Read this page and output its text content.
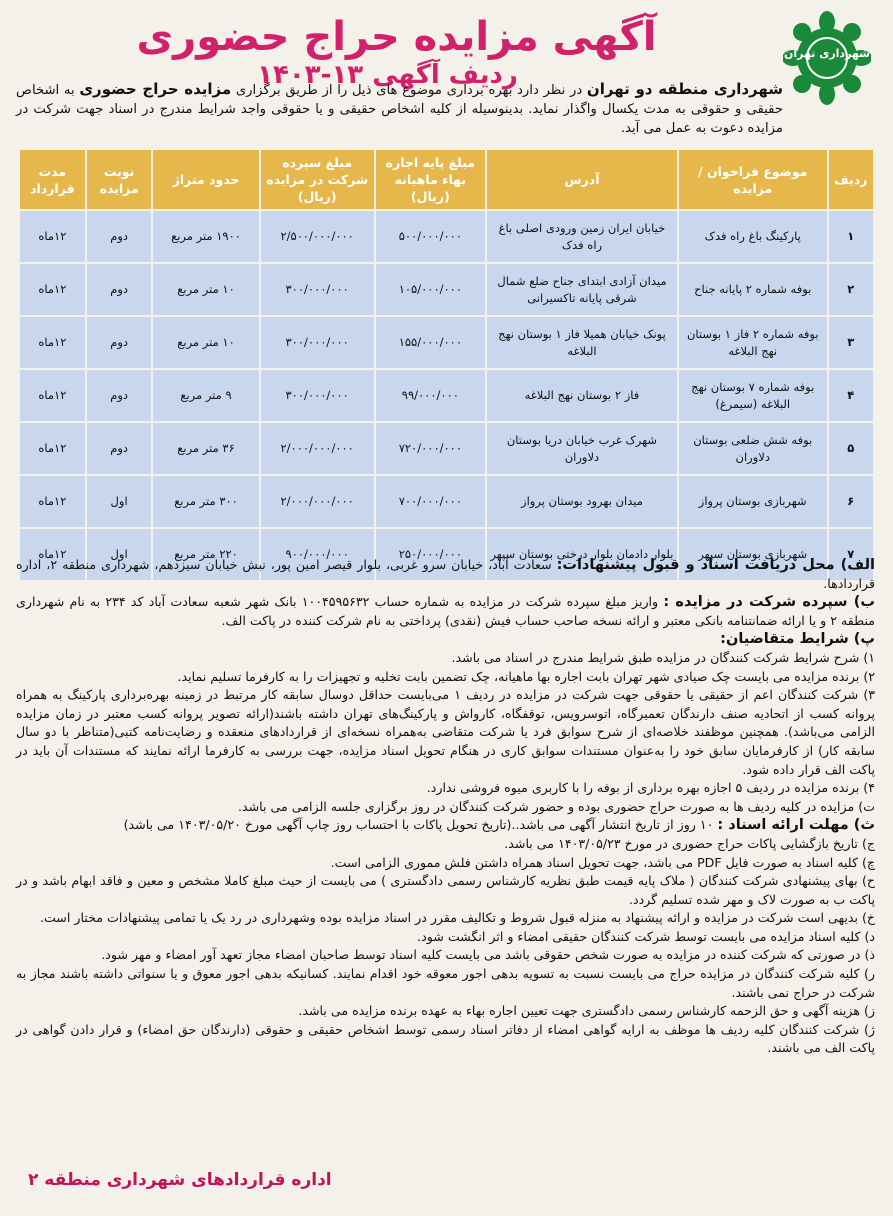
شهرداری تهران
آگهی مزایده حراج حضوری ردیف آگهی ۱۳-۱۴۰۳	شهرداری منطقه دو تهران در نظر دارد بهره برداری موضوع های ذیل را از طریق برگزاری مزایده حراج حضوری به اشخاص حقیقی و حقوقی به مدت یکسال واگذار نماید. بدینوسیله از کلیه اشخاص حقیقی و یا حقوقی واجد شرایط مندرج در اسناد جهت شرکت در مزایده دعوت به عمل می آید.
ردیف	موضوع فراخوان / مزایده	آدرس	مبلغ پایه اجاره بهاء ماهیانه (ریال)	مبلغ سپرده شرکت در مزایده (ریال)	حدود متراژ	نوبت مزایده	مدت قرارداد
۱	پارکینگ باغ راه فدک	خیابان ایران زمین ورودی اصلی باغ راه فدک	۵۰۰/۰۰۰/۰۰۰	۲/۵۰۰/۰۰۰/۰۰۰	۱۹۰۰ متر مربع	دوم	۱۲ماه
۲	بوفه شماره ۲ پایانه جناح	میدان آزادی ابتدای جناح ضلع شمال شرقی پایانه تاکسیرانی	۱۰۵/۰۰۰/۰۰۰	۳۰۰/۰۰۰/۰۰۰	۱۰ متر مربع	دوم	۱۲ماه
۳	بوفه شماره ۲ فاز ۱ بوستان نهج البلاغه	پونک خیابان همیلا فاز ۱ بوستان نهج البلاغه	۱۵۵/۰۰۰/۰۰۰	۳۰۰/۰۰۰/۰۰۰	۱۰ متر مربع	دوم	۱۲ماه
۴	بوفه شماره ۷ بوستان نهج البلاغه (سیمرغ)	فاز ۲ بوستان نهج البلاغه	۹۹/۰۰۰/۰۰۰	۳۰۰/۰۰۰/۰۰۰	۹ متر مربع	دوم	۱۲ماه
۵	بوفه شش ضلعی بوستان دلاوران	شهرک غرب خیابان دریا بوستان دلاوران	۷۲۰/۰۰۰/۰۰۰	۲/۰۰۰/۰۰۰/۰۰۰	۳۶ متر مربع	دوم	۱۲ماه
۶	شهربازی بوستان پرواز	میدان بهرود بوستان پرواز	۷۰۰/۰۰۰/۰۰۰	۲/۰۰۰/۰۰۰/۰۰۰	۳۰۰ متر مربع	اول	۱۲ماه
۷	شهربازی بوستان سپهر	بلوار دادمان بلوار درختی بوستان سپهر	۲۵۰/۰۰۰/۰۰۰	۹۰۰/۰۰۰/۰۰۰	۲۲۰ متر مربع	اول	۱۲ماه

الف) محل دریافت اسناد و قبول پیشنهادات: سعادت آباد، خیابان سرو غربی، بلوار قیصر امین پور، نبش خیابان سیزدهم، شهرداری منطقه ۲، اداره قراردادها.

ب) سپرده شرکت در مزایده : واریز مبلغ سپرده شرکت در مزایده به شماره حساب ۱۰۰۴۵۹۵۶۳۲ بانک شهر شعبه سعادت آباد کد ۲۳۴ به نام شهرداری منطقه ۲ و یا ارائه ضمانتنامه بانکی معتبر و ارائه نسخه صاحب حساب فیش (نقدی) پرداختی به نام شرکت کننده در پاکت الف.

پ) شرایط متقاضیان:

۱) شرح شرایط شرکت کنندگان در مزایده طبق شرایط مندرج در اسناد می باشد.

۲) برنده مزایده می بایست چک صیادی شهر تهران بابت اجاره بها ماهیانه، چک تضمین بابت تخلیه و تجهیزات را به کارفرما تسلیم نماید.

۳) شرکت کنندگان اعم از حقیقی یا حقوقی جهت شرکت در مزایده در ردیف ۱ می‌بایست حداقل دوسال سابقه کار مرتبط در زمینه بهره‌برداری پارکینگ به همراه پروانه کسب از اتحادیه صنف دارندگان تعمیرگاه، اتوسرویس، توقفگاه، کارواش و پارکینگ‌های تهران داشته باشند(ارائه تصویر پروانه کسب معتبر در زمان مزایده الزامی می‌باشد). همچنین موظفند خلاصه‌ای از شرح سوابق فرد یا شرکت متقاضی به‌همراه نسخه‌ای از قراردادهای منعقده و رضایت‌نامه کتبی(متناظر با دو سال سابقه کار) از کارفرمایان سابق خود را به‌عنوان مستندات سوابق کاری در هنگام تحویل اسناد مزایده، جهت بررسی به کارفرما ارائه نمایند که مستندات آن باید در پاکت الف قرار داده شود.

۴) برنده مزایده در ردیف ۵ اجازه بهره برداری از بوفه را با کاربری میوه فروشی ندارد.

ت) مزایده در کلیه ردیف ها به صورت حراج حضوری بوده و حضور شرکت کنندگان در روز برگزاری جلسه الزامی می باشد.

ث) مهلت ارائه اسناد : ۱۰ روز از تاریخ انتشار آگهی می باشد..(تاریخ تحویل پاکات با احتساب روز چاپ آگهی مورخ ۱۴۰۳/۰۵/۲۰ می باشد)

ج) تاریخ بازگشایی پاکات حراج حضوری در مورخ ۱۴۰۳/۰۵/۲۳ می باشد.

چ) کلیه اسناد به صورت فایل PDF می باشد، جهت تحویل اسناد همراه داشتن فلش مموری الزامی است.

ح) بهای پیشنهادی شرکت کنندگان ( ملاک پایه قیمت طبق نظریه کارشناس رسمی دادگستری ) می بایست از حیث مبلغ کاملا مشخص و معین و فاقد ابهام باشد و در پاکت ب به صورت لاک و مهر شده تسلیم گردد.

خ) بدیهی است شرکت در مزایده و ارائه پیشنهاد به منزله قبول شروط و تکالیف مقرر در اسناد مزایده بوده وشهرداری در رد یک یا تمامی پیشنهادات مختار است.

د) کلیه اسناد مزایده می بایست توسط شرکت کنندگان حقیقی امضاء و اثر انگشت شود.

ذ) در صورتی که شرکت کننده در مزایده به صورت شخص حقوقی باشد می بایست کلیه اسناد توسط صاحبان امضاء مجاز تعهد آور امضاء و مهر شود.

ر) کلیه شرکت کنندگان در مزایده حراج می بایست نسبت به تسویه بدهی اجور معوقه خود اقدام نمایند. کسانیکه بدهی اجور معوق و یا سنواتی داشته باشند مجاز به شرکت در حراج نمی باشند.

ز) هزینه آگهی و حق الزحمه کارشناس رسمی دادگستری جهت تعیین اجاره بهاء به عهده برنده مزایده می باشد.

ژ) شرکت کنندگان کلیه ردیف ها موظف به ارایه گواهی امضاء از دفاتر اسناد رسمی توسط اشخاص حقیقی و حقوقی (دارندگان حق امضاء) و قرار دادن گواهی در پاکت الف می باشند.

اداره قراردادهای شهرداری منطقه ۲
